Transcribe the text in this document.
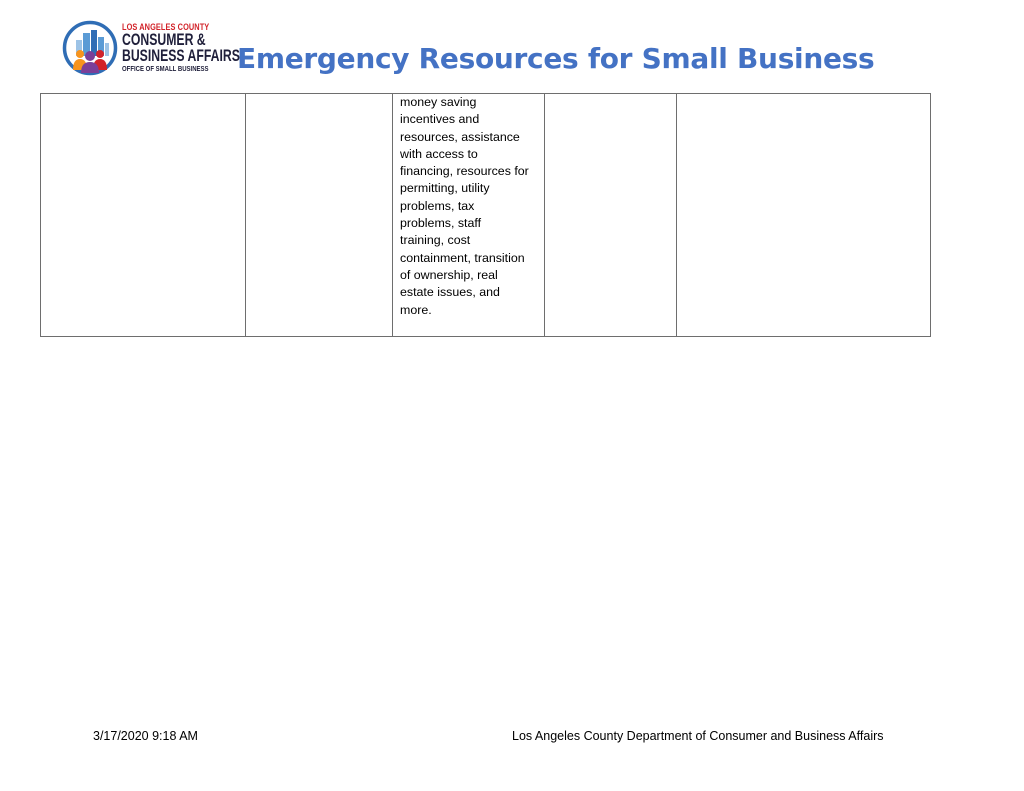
LOS ANGELES COUNTY
CONSUMER &
BUSINESS AFFAIRS
OFFICE OF SMALL BUSINESS Emergency Resources for Small Business

money saving
incentives and
resources, assistance
with access to
financing, resources for
permitting, utility
problems, tax
problems, staff
training, cost
containment, transition
of ownership, real
estate issues, and
more.

3/17/2020 9:18 AM	Los Angeles County Department of Consumer and Business Affairs
